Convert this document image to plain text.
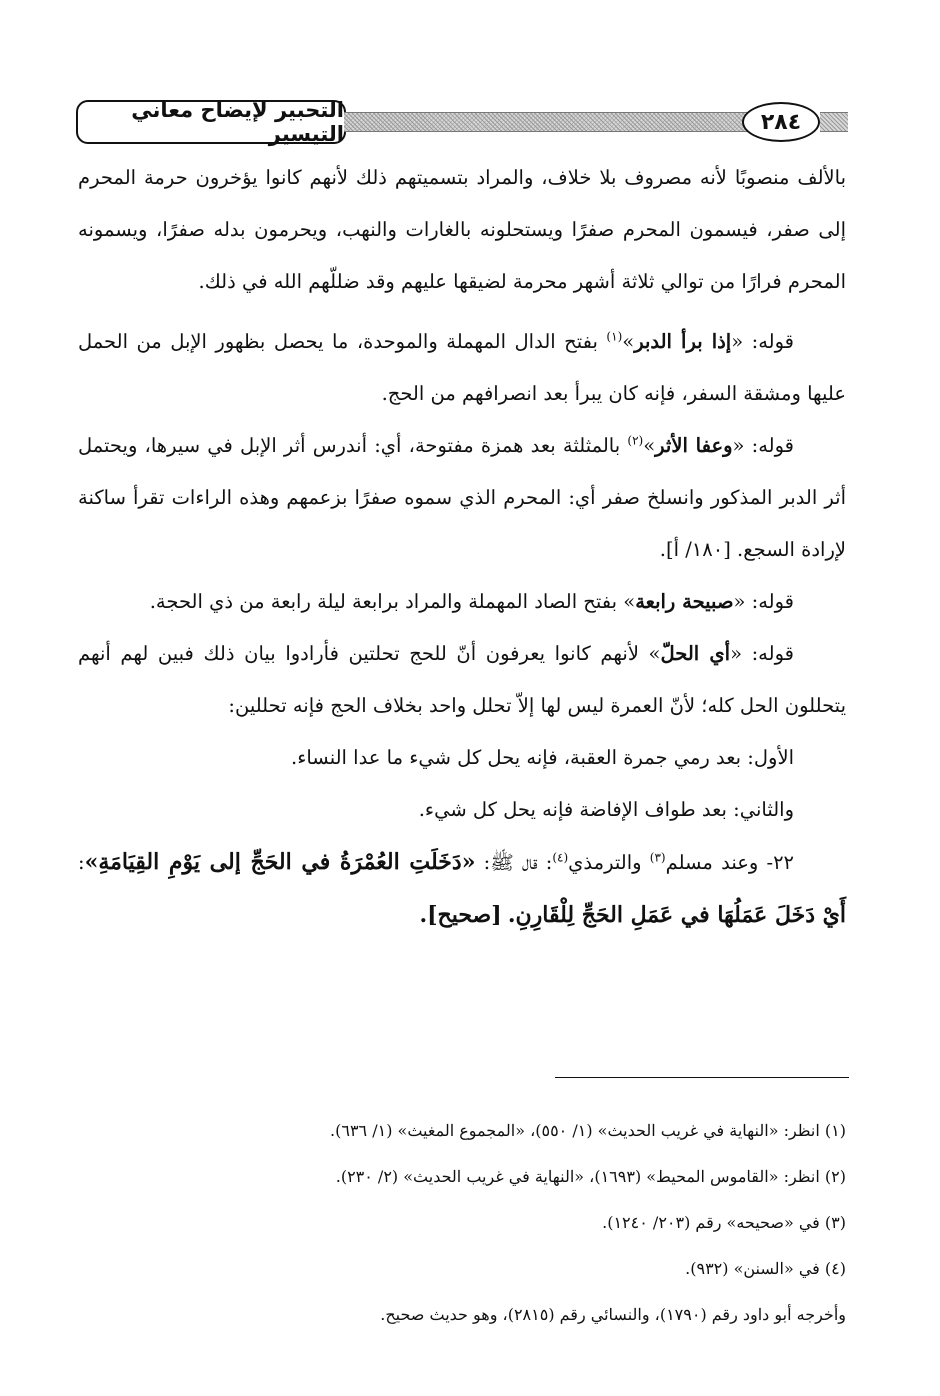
التحبير لإيضاح معاني التيسير	٢٨٤

بالألف منصوبًا لأنه مصروف بلا خلاف، والمراد بتسميتهم ذلك لأنهم كانوا يؤخرون حرمة المحرم إلى صفر، فيسمون المحرم صفرًا ويستحلونه بالغارات والنهب، ويحرمون بدله صفرًا، ويسمونه المحرم فرارًا من توالي ثلاثة أشهر محرمة لضيقها عليهم وقد ضللّهم الله في ذلك.

قوله: «إذا برأ الدبر»$^{(١)}$ بفتح الدال المهملة والموحدة، ما يحصل بظهور الإبل من الحمل عليها ومشقة السفر، فإنه كان يبرأ بعد انصرافهم من الحج.

قوله: «وعفا الأثر»$^{(٢)}$ بالمثلثة بعد همزة مفتوحة، أي: أندرس أثر الإبل في سيرها، ويحتمل أثر الدبر المذكور وانسلخ صفر أي: المحرم الذي سموه صفرًا بزعمهم وهذه الراءات تقرأ ساكنة لإرادة السجع. [١٨٠/ أ].

قوله: «صبيحة رابعة» بفتح الصاد المهملة والمراد برابعة ليلة رابعة من ذي الحجة.

قوله: «أي الحلّ» لأنهم كانوا يعرفون أنّ للحج تحلتين فأرادوا بيان ذلك فبين لهم أنهم يتحللون الحل كله؛ لأنّ العمرة ليس لها إلاّ تحلل واحد بخلاف الحج فإنه تحللين:

الأول: بعد رمي جمرة العقبة، فإنه يحل كل شيء ما عدا النساء.

والثاني: بعد طواف الإفاضة فإنه يحل كل شيء.

٢٢- وعند مسلم$^{(٣)}$ والترمذي$^{(٤)}$: قال ﷺ: «دَخَلَتِ العُمْرَةُ في الحَجِّ إلى يَوْمِ القِيَامَةِ»: أَيْ دَخَلَ عَمَلُهَا في عَمَلِ الحَجِّ لِلْقَارِنِ. [صحيح].

(١) انظر: «النهاية في غريب الحديث» (١/ ٥٥٠)، «المجموع المغيث» (١/ ٦٣٦).

(٢) انظر: «القاموس المحيط» (١٦٩٣)، «النهاية في غريب الحديث» (٢/ ٢٣٠).

(٣) في «صحيحه» رقم (٢٠٣/ ١٢٤٠).

(٤) في «السنن» (٩٣٢).

وأخرجه أبو داود رقم (١٧٩٠)، والنسائي رقم (٢٨١٥)، وهو حديث صحيح.
